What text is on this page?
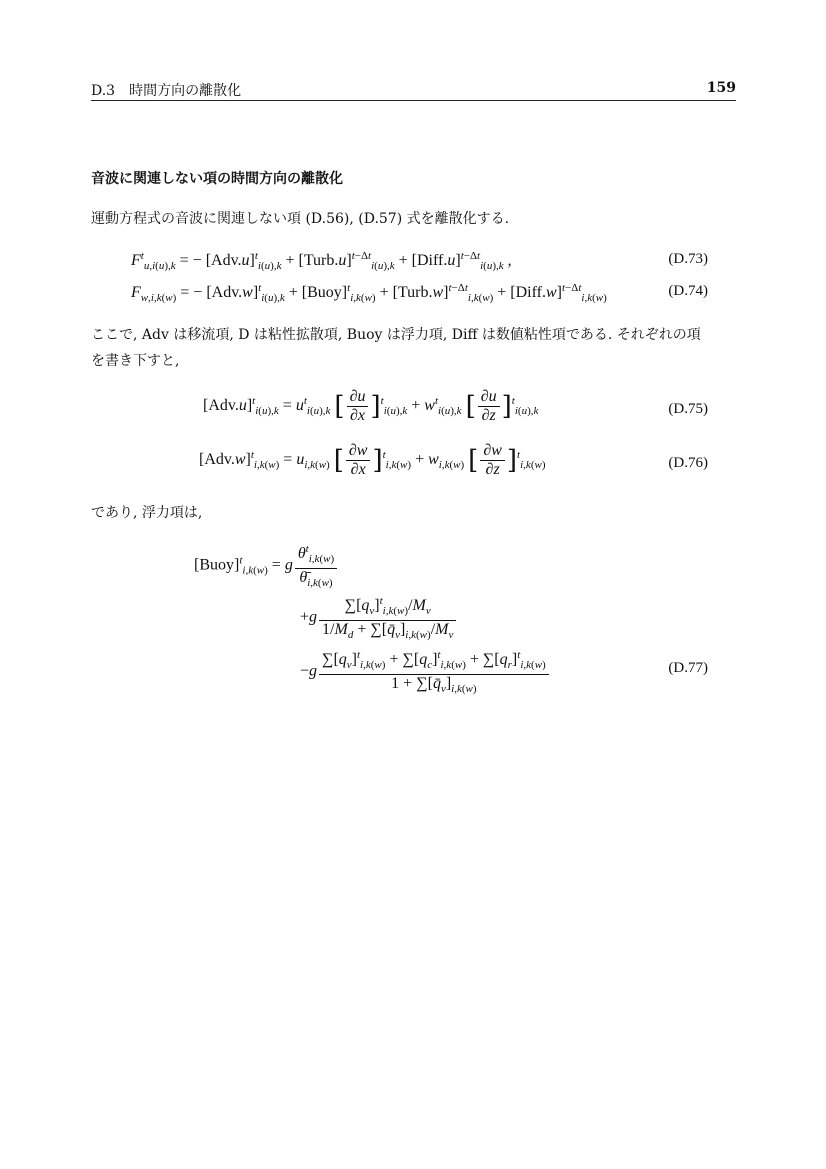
D.3　時間方向の離散化	159
音波に関連しない項の時間方向の離散化
運動方程式の音波に関連しない項 (D.56), (D.57) 式を離散化する.
$F^t_{u,i(u),k}$ = − $[Adv.u]^t_{i(u),k}$ + [Turb.u]$^{t-\Delta t}_{i(u),k}$ + [Diff.u]$^{t-\Delta t}_{i(u),k}$ ,	(D.73)
$F_{w,i,k(w)}$ = − $[Adv.w]^t_{i(u),k}$ + [Buoy]$^t_{i,k(w)}$ + [Turb.w]$^{t-\Delta t}_{i,k(w)}$ + [Diff.w]$^{t-\Delta t}_{i,k(w)}$	(D.74)
ここで, Adv は移流項, D は粘性拡散項, Buoy は浮力項, Diff は数値粘性項である. それぞれの項を書き下すと,
$[Adv.u]^t_{i(u),k} = u^t_{i(u),k}$ [ $\frac{\partial u}{\partial x} ]^t_{i(u),k} + w^t_{i(u),k}$ [ $\frac{\partial u}{\partial z} ]^t_{i(u),k}$	(D.75)
$[Adv.w]^t_{i,k(w)} = u_{i,k(w)}$ [ $\frac{\partial w}{\partial x} ]^t_{i,k(w)} + w_{i,k(w)}$ [ $\frac{\partial w}{\partial z} ]^t_{i,k(w)}$	(D.76)
であり, 浮力項は,
[Buoy]$^t_{i,k(w)}$ = g $\frac{\theta^t_{i,k(w)}}{\thetā_{i,k(w)}}$
$+g \frac{\sum[q_v]^t_{i,k(w)}/M_v}{1/M_d + \sum[q̄_v]_{i,k(w)}/M_v}$
$-g \frac{\sum[q_v]^t_{i,k(w)} + \sum[q_c]^t_{i,k(w)} + \sum[q_r]^t_{i,k(w)}}{1 + \sum[q̄_v]_{i,k(w)}}$	(D.77)
